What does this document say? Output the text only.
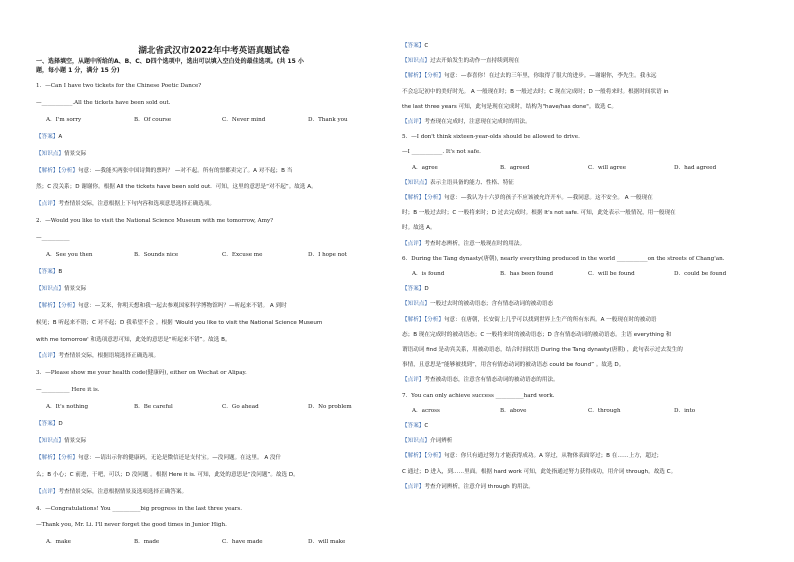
湖北省武汉市2022年中考英语真题试卷
一、选择填空，从题中所给的A、B、C、D四个选项中，选出可以填入空白处的最佳选项。(共 15 小
题，每小题 1 分，满分 15 分)
1．—Can I have two tickets for the Chinese Poetic Dance?
—___________.All the tickets have been sold out.
A．I'm sorry	B．Of course	C．Never mind	D．Thank you
【答案】A
【知识点】情景交际
【解析】【分析】句意：—我能买两张中国诗舞的票吗？ —对不起。所有的票都卖完了。A 对不起；B 当
然；C 没关系；D 谢谢你。根据 All the tickets have been sold out．可知，这里的意思是“对不起”。故选 A。
【点评】考查情景交际，注意根据上下句内容和选项意思选择正确选项。
2．—Would you like to visit the National Science Museum with me tomorrow, Amy?
—__________
A．See you then	B．Sounds nice	C．Excuse me	D．I hope not
【答案】B
【知识点】情景交际
【解析】【分析】句意：—艾米，你明天想和我一起去参观国家科学博物馆吗？—听起来不错。 A 到时
候见；B 听起来不错；C 对不起；D 我希望不会 。根据 'Would you like to visit the National Science Museum
with me tomorrow' 和选项意思可知，此处的意思是“听起来不错”。故选 B。
【点评】考查情景交际，根据语境选择正确选项。
3．—Please show me your health code(健康码), either on Wechat or Alipay.
—__________ Here it is.
A．It's nothing	B．Be careful	C．Go ahead	D．No problem
【答案】D
【知识点】情景交际
【解析】【分析】句意：—请出示你的健康码，无论是微信还是支付宝。—没问题。在这里。 A 没什
么；B 小心；C 前进，干吧，可以；D 没问题 。根据 Here it is. 可知，此处的意思是“没问题”。故选 D。
【点评】考查情景交际，注意根据情景及选项选择正确答案。
4．—Congratulations! You __________big progress in the last three years.
—Thank you, Mr. Li. I'll never forget the good times in Junior High.
A．make	B．made	C．have made	D．will make
【答案】C
【知识点】过去开始发生的动作一直持续到现在
【解析】【分析】句意：—恭喜你！在过去的三年里，你取得了很大的进步。—谢谢你，李先生。我永远
不会忘记初中的美好时光。 A 一般现在时；B 一般过去时；C 现在完成时；D 一般将来时。根据时间状语 in
the last three years 可知，此句是现在完成时，结构为"have/has done"。故选 C。
【点评】考查现在完成时，注意现在完成时的用法。
5．—I don't think sixteen-year-olds should be allowed to drive.
—I ___________. It's not safe.
A．agree	B．agreed	C．will agree	D．had agreed
【知识点】表示主语具备的能力、性格、特征
【解析】【分析】句意：—我认为十六岁的孩子不应该被允许开车。—我同意。这不安全。 A 一般现在
时；B 一般过去时；C 一般将来时；D 过去完成时。根据 It's not safe. 可知，此处表示一般情况，用一般现在
时。故选 A。
【点评】考查时态辨析，注意一般现在时的用法。
6．During the Tang dynasty(唐朝), nearly everything produced in the world ___________on the streets of Chang'an.
A．is found	B．has been found	C．will be found	D．could be found
【答案】D
【知识点】一般过去时的被动语态；含有情态动词的被动语态
【解析】【分析】句意：在唐朝，长安街上几乎可以找到世界上生产的所有东西。A 一般现在时的被动语
态；B 现在完成时的被动语态；C 一般将来时的被动语态；D 含有情态动词的被动语态。主语 everything 和
谓语动词 find 是动宾关系，用被动语态，结合时间状语 During the Tang dynasty(唐朝) ，此句表示过去发生的
事情，且意思是“能够被找到”，用含有情态动词的被动语态 could be found” 。故选 D。
【点评】考查被动语态，注意含有情态动词的被动语态的用法。
7．You can only achieve success __________hard work.
A．across	B．above	C．through	D．into
【答案】C
【知识点】介词辨析
【解析】【分析】句意：你只有通过努力才能获得成功。A 穿过，从物体表面穿过；B 在……上方，超过；
C 通过；D 进入，到……里面。根据 hard work 可知，此处指通过努力获得成功，用介词 through。故选 C。
【点评】考查介词辨析，注意介词 through 的用法。
